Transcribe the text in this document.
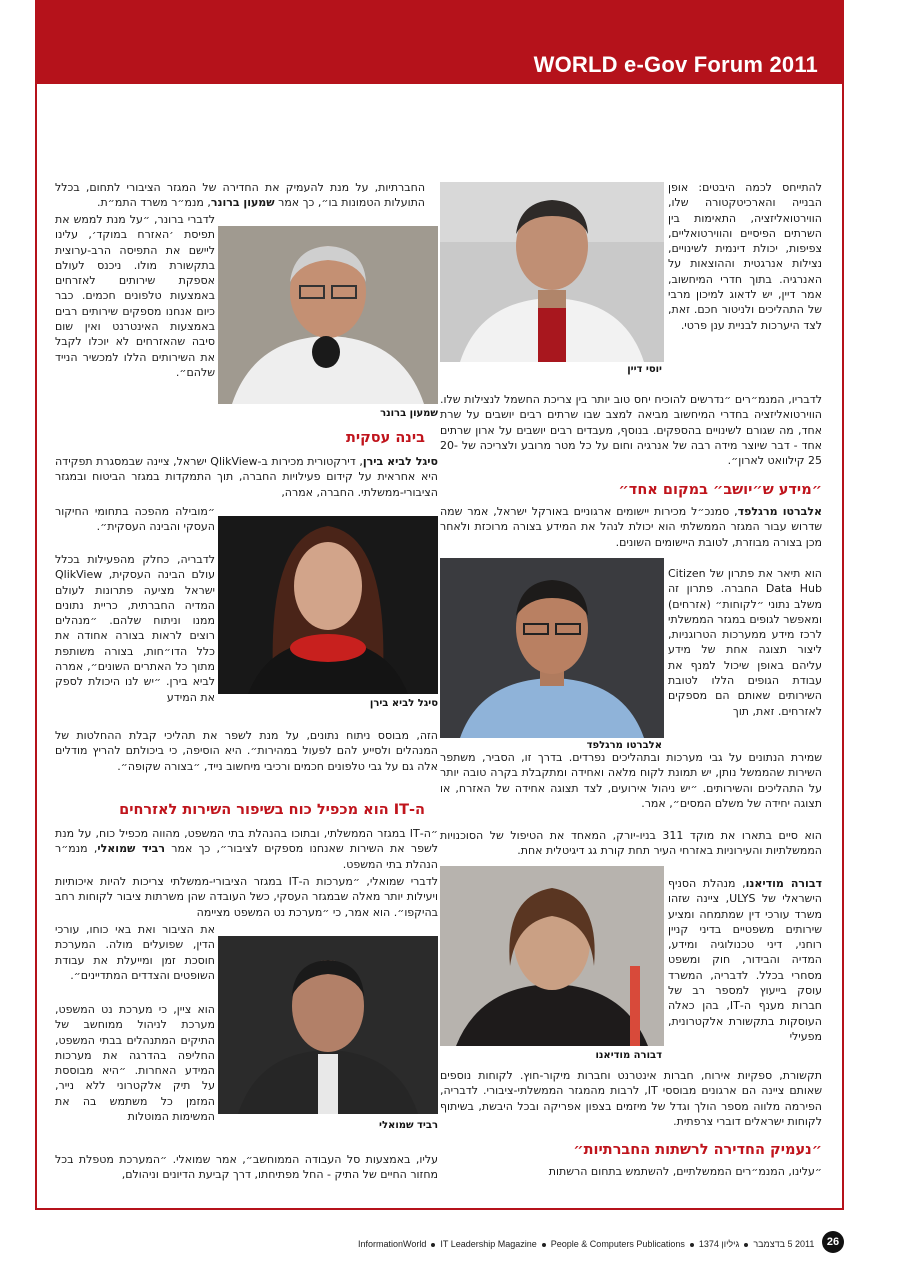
WORLD e-Gov Forum 2011
להתייחס לכמה היבטים: אופן הבנייה והארכיטקטורה שלו, הווירטואליזציה, התאימות בין השרתים הפיסיים והווירטואליים, צפיפות, יכולת דינמית לשינויים, נצילות אנרגטית וההוצאות על האנרגיה. בתוך חדרי המיחשוב, אמר דיין, יש לדאוג למיכון מרבי של התהליכים ולניטור חכם. זאת, לצד היערכות לבניית ענן פרטי.
יוסי דיין
לדבריו, המנמ״רים ״נדרשים להוכיח יחס טוב יותר בין צריכת החשמל לנצילות שלו. הווירטואליזציה בחדרי המיחשוב מביאה למצב שבו שרתים רבים יושבים על שרת אחד, מה שגורם לשינויים בהספקים. בנוסף, מעבדים רבים יושבים על ארון שרתים אחד - דבר שיוצר מידה רבה של אנרגיה וחום על כל מטר מרובע ולצריכה של 20-25 קילוואט לארון״.
״מידע ש״יושב״ במקום אחד״
אלברטו מרגלפד, סמנכ״ל מכירות יישומים ארגוניים באורקל ישראל, אמר שמה שדרוש עבור המגזר הממשלתי הוא יכולת לנהל את המידע בצורה מרוכזת ולאחר מכן בצורה מבוזרת, לטובת היישומים השונים.
אלברטו מרגלפד
הוא תיאר את פתרון של Citizen Data Hub החברה. פתרון זה משלב נתוני ״לקוחות״ (אזרחים) ומאפשר לגופים במגזר הממשלתי לרכז מידע ממערכות הטרוגניות, ליצור תצוגה אחת של מידע עליהם באופן שיכול למנף את עבודת הגופים הללו לטובת השירותים שאותם הם מספקים לאזרחים. זאת, תוך
שמירת הנתונים על גבי מערכות ובתהליכים נפרדים. בדרך זו, הסביר, משתפר השירות שהממשל נותן, יש תמונת לקוח מלאה ואחידה ומתקבלת בקרה טובה יותר על התהליכים והשירותים. ״יש ניהול אירועים, לצד תצוגה אחידה של האזרח, או תצוגה יחידה של משלם המסים״, אמר.
הוא סיים בתארו את מוקד 311 בניו-יורק, המאחד את הטיפול של הסוכנויות הממשלתיות והעירוניות באזרחי העיר תחת קורת גג דיגיטלית אחת.
דבורה מודיאנו
דבורה מודיאנו, מנהלת הסניף הישראלי של ULYS, ציינה שזהו משרד עורכי דין שמתמחה ומציע שירותים משפטיים בדיני קניין רוחני, דיני טכנולוגיה ומידע, המדיה והבידור, חוק ומשפט מסחרי בכלל. לדבריה, המשרד עוסק בייעוץ למספר רב של חברות מענף ה-IT, בהן כאלה העוסקות בתקשורת אלקטרונית, מפעילי
תקשורת, ספקיות אירוח, חברות אינטרנט וחברות מיקור-חוץ. לקוחות נוספים שאותם ציינה הם ארגונים מבוססי IT, לרבות מהמגזר הממשלתי-ציבורי. לדבריה, הפירמה מלווה מספר הולך וגדל של מיזמים בצפון אפריקה ובכל היבשת, בשיתוף לקוחות ישראלים דוברי צרפתית.
״נעמיק החדירה לרשתות החברתיות״
״עלינו, המנמ״רים הממשלתיים, להשתמש בתחום הרשתות
החברתיות, על מנת להעמיק את החדירה של המגזר הציבורי לתחום, בכלל התועלות הטמונות בו״, כך אמר שמעון ברונר, מנמ״ר משרד התמ״ת.
שמעון ברונר
לדברי ברונר, ״על מנת לממש את תפיסת ׳האזרח במוקד׳, עלינו ליישם את התפיסה הרב-ערוצית בתקשורת מולו. ניכנס לעולם אספקת שירותים לאזרחים באמצעות טלפונים חכמים. כבר כיום אנחנו מספקים שירותים רבים באמצעות האינטרנט ואין שום סיבה שהאזרחים לא יוכלו לקבל את השירותים הללו למכשיר הנייד שלהם״.
בינה עסקית
סיגל לביא בירן, דירקטורית מכירות ב-QlikView ישראל, ציינה שבמסגרת תפקידה היא אחראית על קידום פעילויות החברה, תוך התמקדות במגזר הביטוח ובמגזר הציבורי-ממשלתי. החברה, אמרה,
סיגל לביא בירן
״מובילה מהפכה בתחומי החיקור העסקי והבינה העסקית״.
לדבריה, כחלק מהפעילות בכלל עולם הבינה העסקית, QlikView ישראל מציעה פתרונות לעולם המדיה החברתית, כריית נתונים ממנו וניתוח שלהם. ״מנהלים רוצים לראות בצורה אחודה את כלל הדו״חות, בצורה משותפת מתוך כל האתרים השונים״, אמרה לביא בירן. ״יש לנו היכולת לספק את המידע
הזה, מבוסס ניתוח נתונים, על מנת לשפר את תהליכי קבלת ההחלטות של המנהלים ולסייע להם לפעול במהירות״. היא הוסיפה, כי ביכולתם להריץ מודלים אלה גם על גבי טלפונים חכמים ורכיבי מיחשוב נייד, ״בצורה שקופה״.
ה-IT הוא מכפיל כוח בשיפור השירות לאזרחים
״ה-IT במגזר הממשלתי, ובתוכו בהנהלת בתי המשפט, מהווה מכפיל כוח, על מנת לשפר את השירות שאנחנו מספקים לציבור״, כך אמר רביד שמואלי, מנמ״ר הנהלת בתי המשפט.
לדברי שמואלי, ״מערכות ה-IT במגזר הציבורי-ממשלתי צריכות להיות איכותיות ויעילות יותר מאלה שבמגזר העסקי, כשל העובדה שהן משרתות ציבור לקוחות רחב בהיקפו״. הוא אמר, כי ״מערכת נט המשפט מציימה
רביד שמואלי
את הציבור ואת באי כוחו, עורכי הדין, שפועלים מולה. המערכת חוסכת זמן ומייעלת את עבודת השופטים והצדדים המתדיינים״.
הוא ציין, כי מערכת נט המשפט, מערכת לניהול ממוחשב של התיקים המתנהלים בבתי המשפט, החליפה בהדרגה את מערכות המידע האחרות. ״היא מבוססת על תיק אלקטרוני ללא נייר, המזמן כל משתמש בה את המשימות המוטלות
עליו, באמצעות סל העבודה הממוחשב״, אמר שמואלי. ״המערכת מטפלת בכל מחזור החיים של התיק - החל מפתיחתו, דרך קביעת הדיונים וניהולם,
InformationWorld IT Leadership Magazine People & Computers Publications	2011 ‏5 בדצמברגיליון 1374	26
